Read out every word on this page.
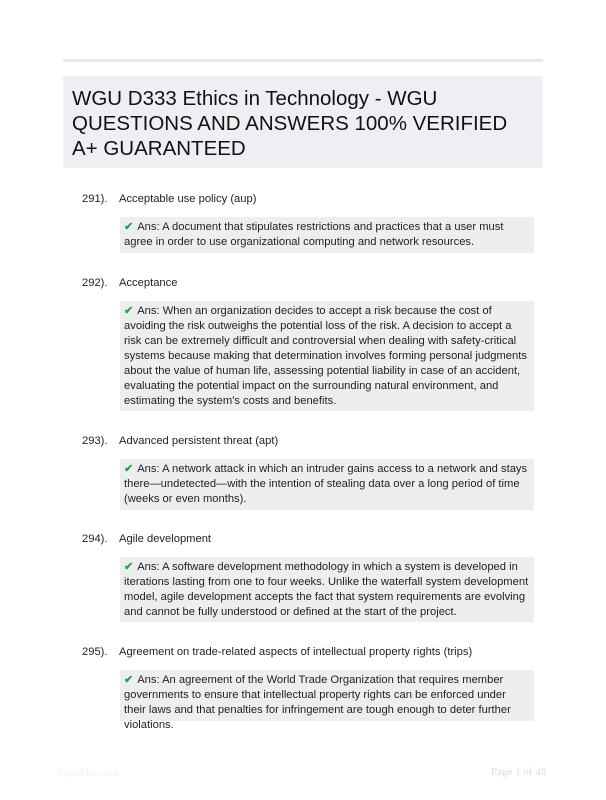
WGU D333 Ethics in Technology - WGU QUESTIONS AND ANSWERS 100% VERIFIED A+ GUARANTEED
291). Acceptable use policy (aup)
✔ Ans: A document that stipulates restrictions and practices that a user must agree in order to use organizational computing and network resources.
292). Acceptance
✔ Ans: When an organization decides to accept a risk because the cost of avoiding the risk outweighs the potential loss of the risk. A decision to accept a risk can be extremely difficult and controversial when dealing with safety-critical systems because making that determination involves forming personal judgments about the value of human life, assessing potential liability in case of an accident, evaluating the potential impact on the surrounding natural environment, and estimating the system's costs and benefits.
293). Advanced persistent threat (apt)
✔ Ans: A network attack in which an intruder gains access to a network and stays there—undetected—with the intention of stealing data over a long period of time (weeks or even months).
294). Agile development
✔ Ans: A software development methodology in which a system is developed in iterations lasting from one to four weeks. Unlike the waterfall system development model, agile development accepts the fact that system requirements are evolving and cannot be fully understood or defined at the start of the project.
295). Agreement on trade-related aspects of intellectual property rights (trips)
✔ Ans: An agreement of the World Trade Organization that requires member governments to ensure that intellectual property rights can be enforced under their laws and that penalties for infringement are tough enough to deter further violations.
Paperlibic.com	Page 1 of 48
